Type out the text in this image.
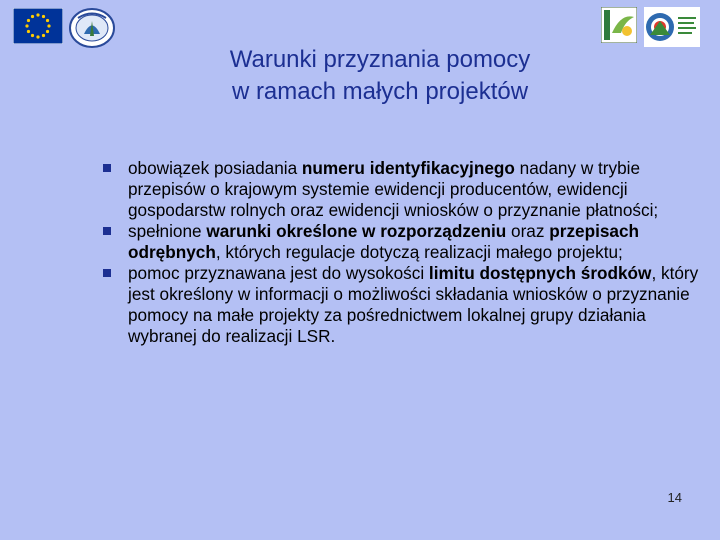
Warunki przyznania pomocy
w ramach małych projektów
obowiązek posiadania numeru identyfikacyjnego nadany w trybie przepisów o krajowym systemie ewidencji producentów, ewidencji gospodarstw rolnych oraz ewidencji wniosków o przyznanie płatności;
spełnione warunki określone w rozporządzeniu oraz przepisach odrębnych, których regulacje dotyczą realizacji małego projektu;
pomoc przyznawana jest do wysokości limitu dostępnych środków, który jest określony w informacji o możliwości składania wniosków o przyznanie pomocy na małe projekty za pośrednictwem lokalnej grupy działania wybranej do realizacji LSR.
14
